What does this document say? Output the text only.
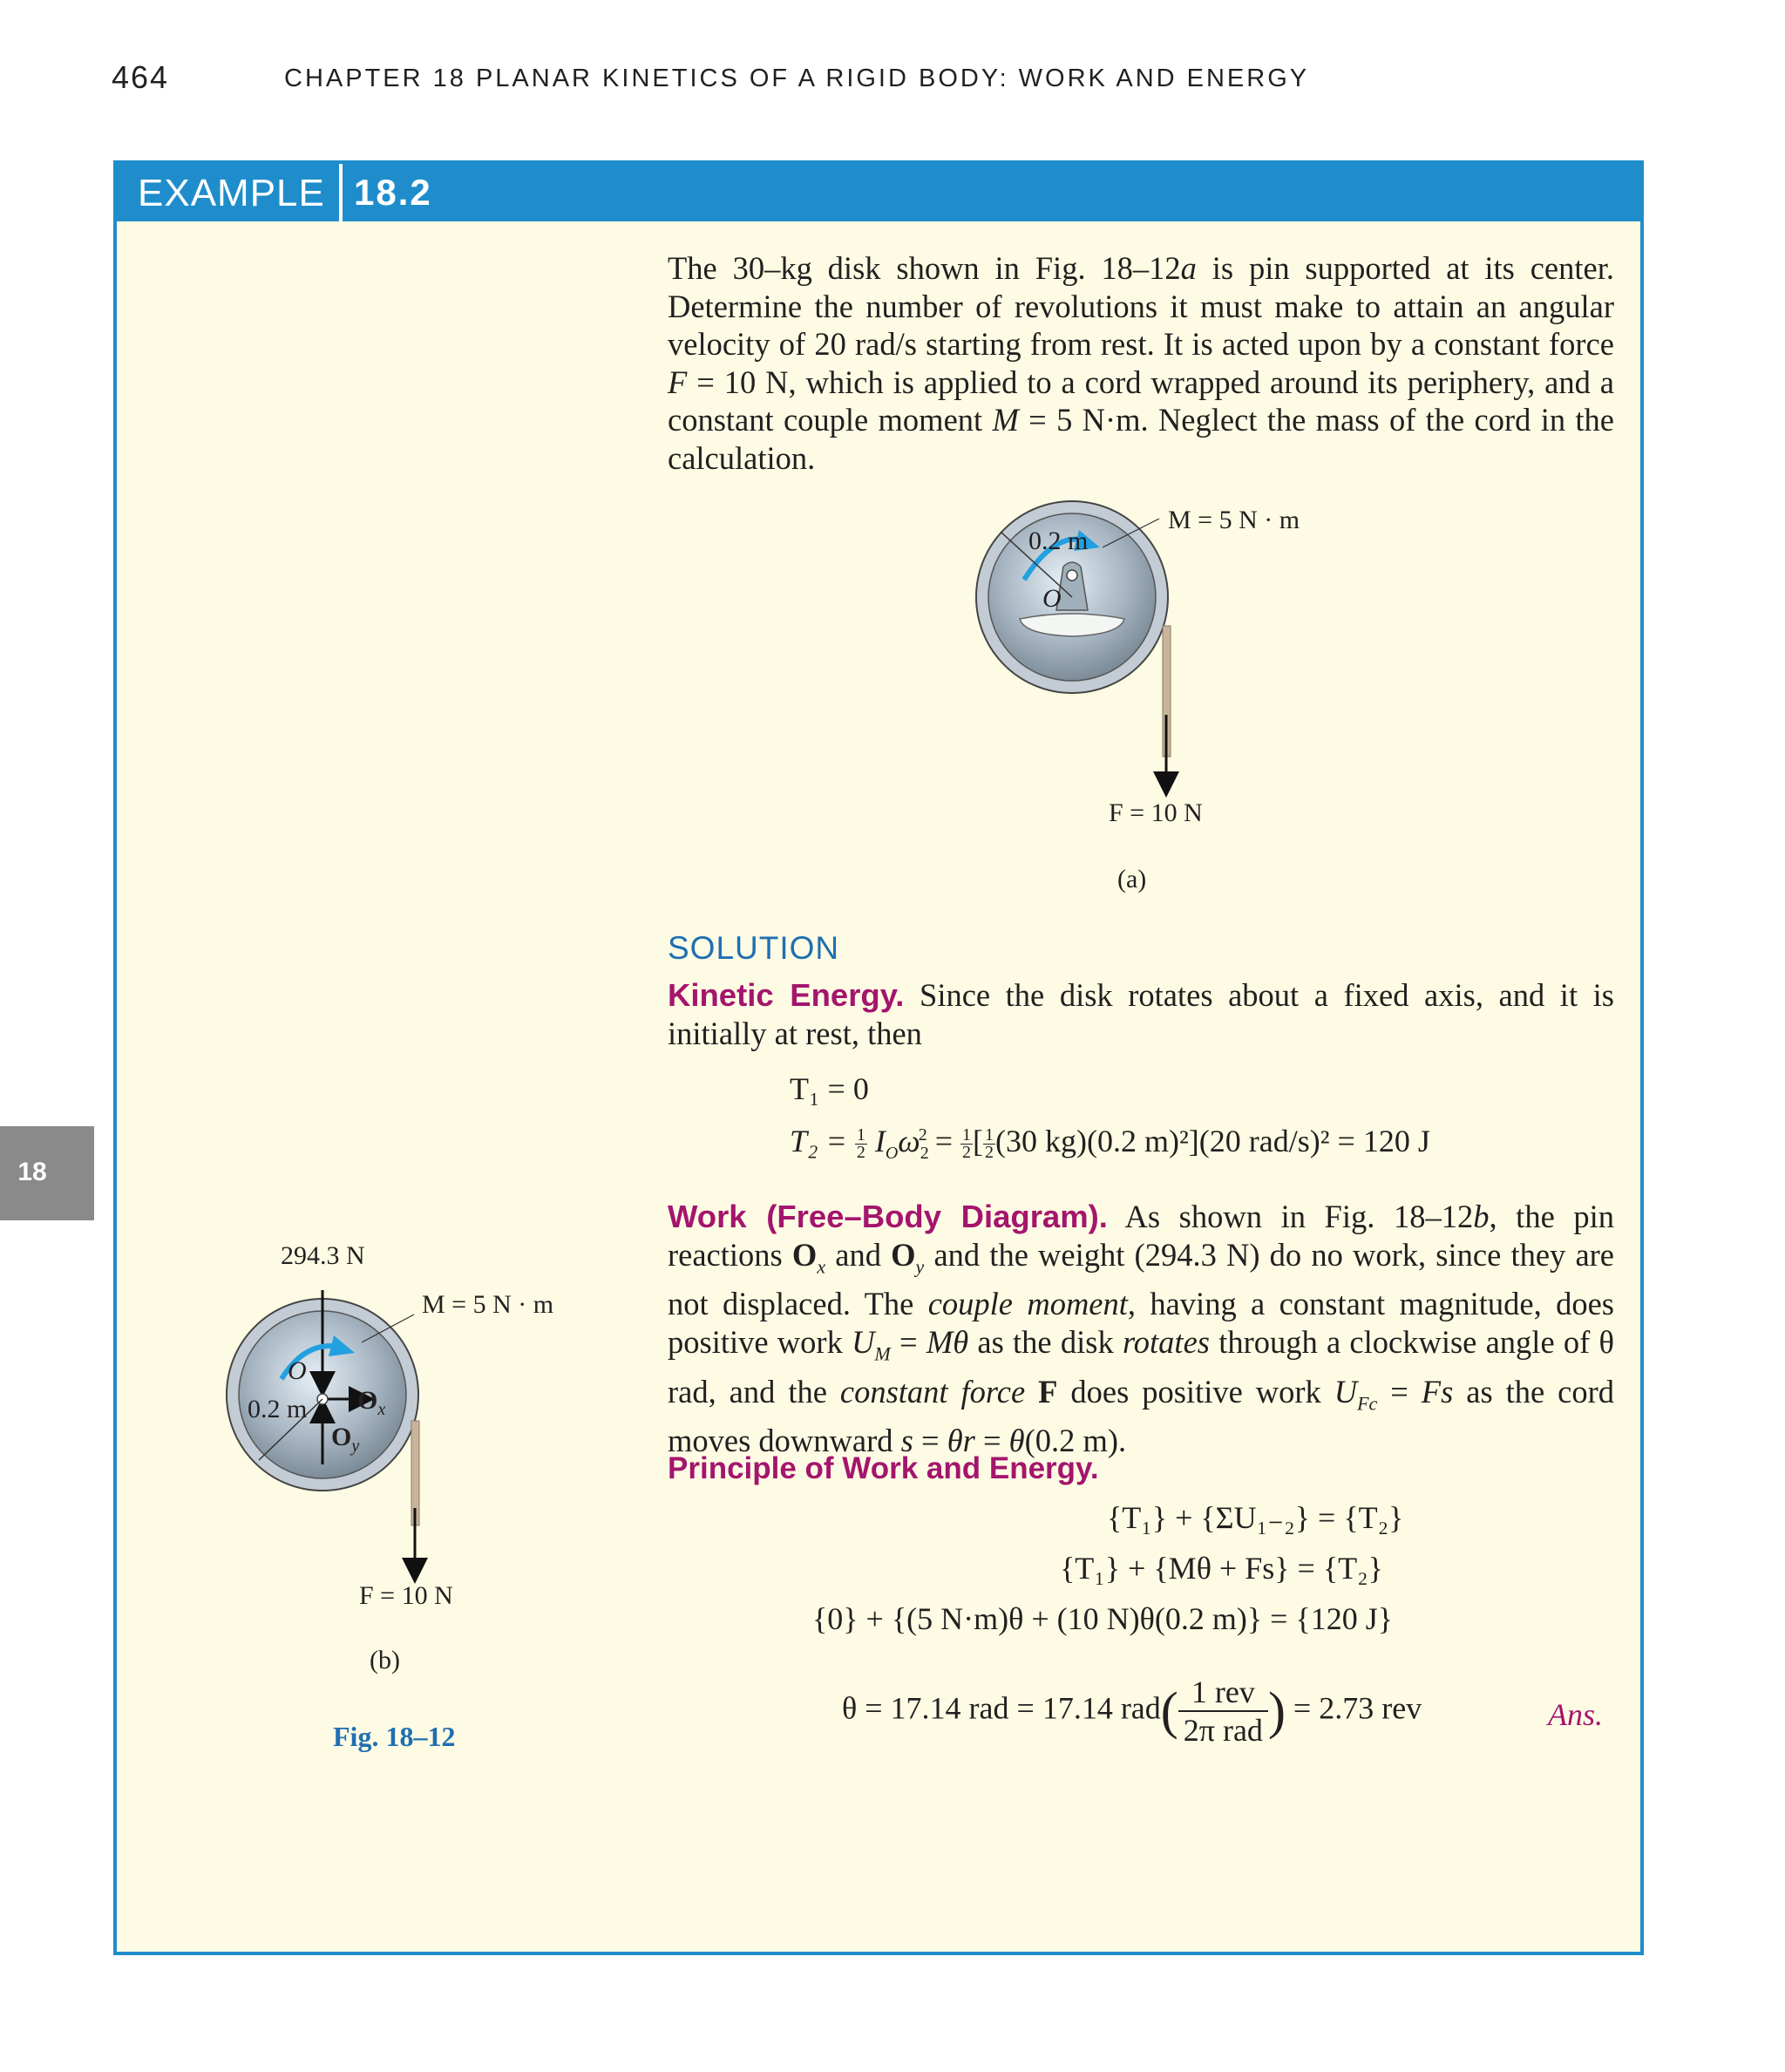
464	CHAPTER 18 PLANAR KINETICS OF A RIGID BODY: WORK AND ENERGY
18
EXAMPLE 18.2
The 30–kg disk shown in Fig. 18–12a is pin supported at its center. Determine the number of revolutions it must make to attain an angular velocity of 20 rad/s starting from rest. It is acted upon by a constant force F = 10 N, which is applied to a cord wrapped around its periphery, and a constant couple moment M = 5 N·m. Neglect the mass of the cord in the calculation.
0.2 m
M = 5 N · m
O
F = 10 N
(a)
SOLUTION
Kinetic Energy. Since the disk rotates about a fixed axis, and it is initially at rest, then
T₁ = 0
$T_2 = \frac{1}{2} I_O\omega_2^2 = \frac{1}{2}$ [ $\frac{1}{2} (30$ kg)(0.2 m)²](20 rad/s)² = 120 J
Work (Free–Body Diagram). As shown in Fig. 18–12b, the pin reactions $O_x$ and $O_y$ and the weight (294.3 N) do no work, since they are not displaced. The couple moment, having a constant magnitude, does positive work $U_M = M\theta$ as the disk rotates through a clockwise angle of θ rad, and the constant force F does positive work $U_{Fc} = Fs$ as the cord moves downward s = θr = θ(0.2 m).
Principle of Work and Energy.
{T₁} + {ΣU₁₋₂} = {T₂}
{T₁} + {Mθ + Fs} = {T₂}
{0} + {(5 N·m)θ + (10 N)θ(0.2 m)} = {120 J}
θ = 17.14 rad = 17.14 rad( 1 rev
2π rad ) = 2.73 rev	Ans.
294.3 N
M = 5 N · m
O
0.2 m $O_x$
$O_y$
F = 10 N
(b)
Fig. 18–12
